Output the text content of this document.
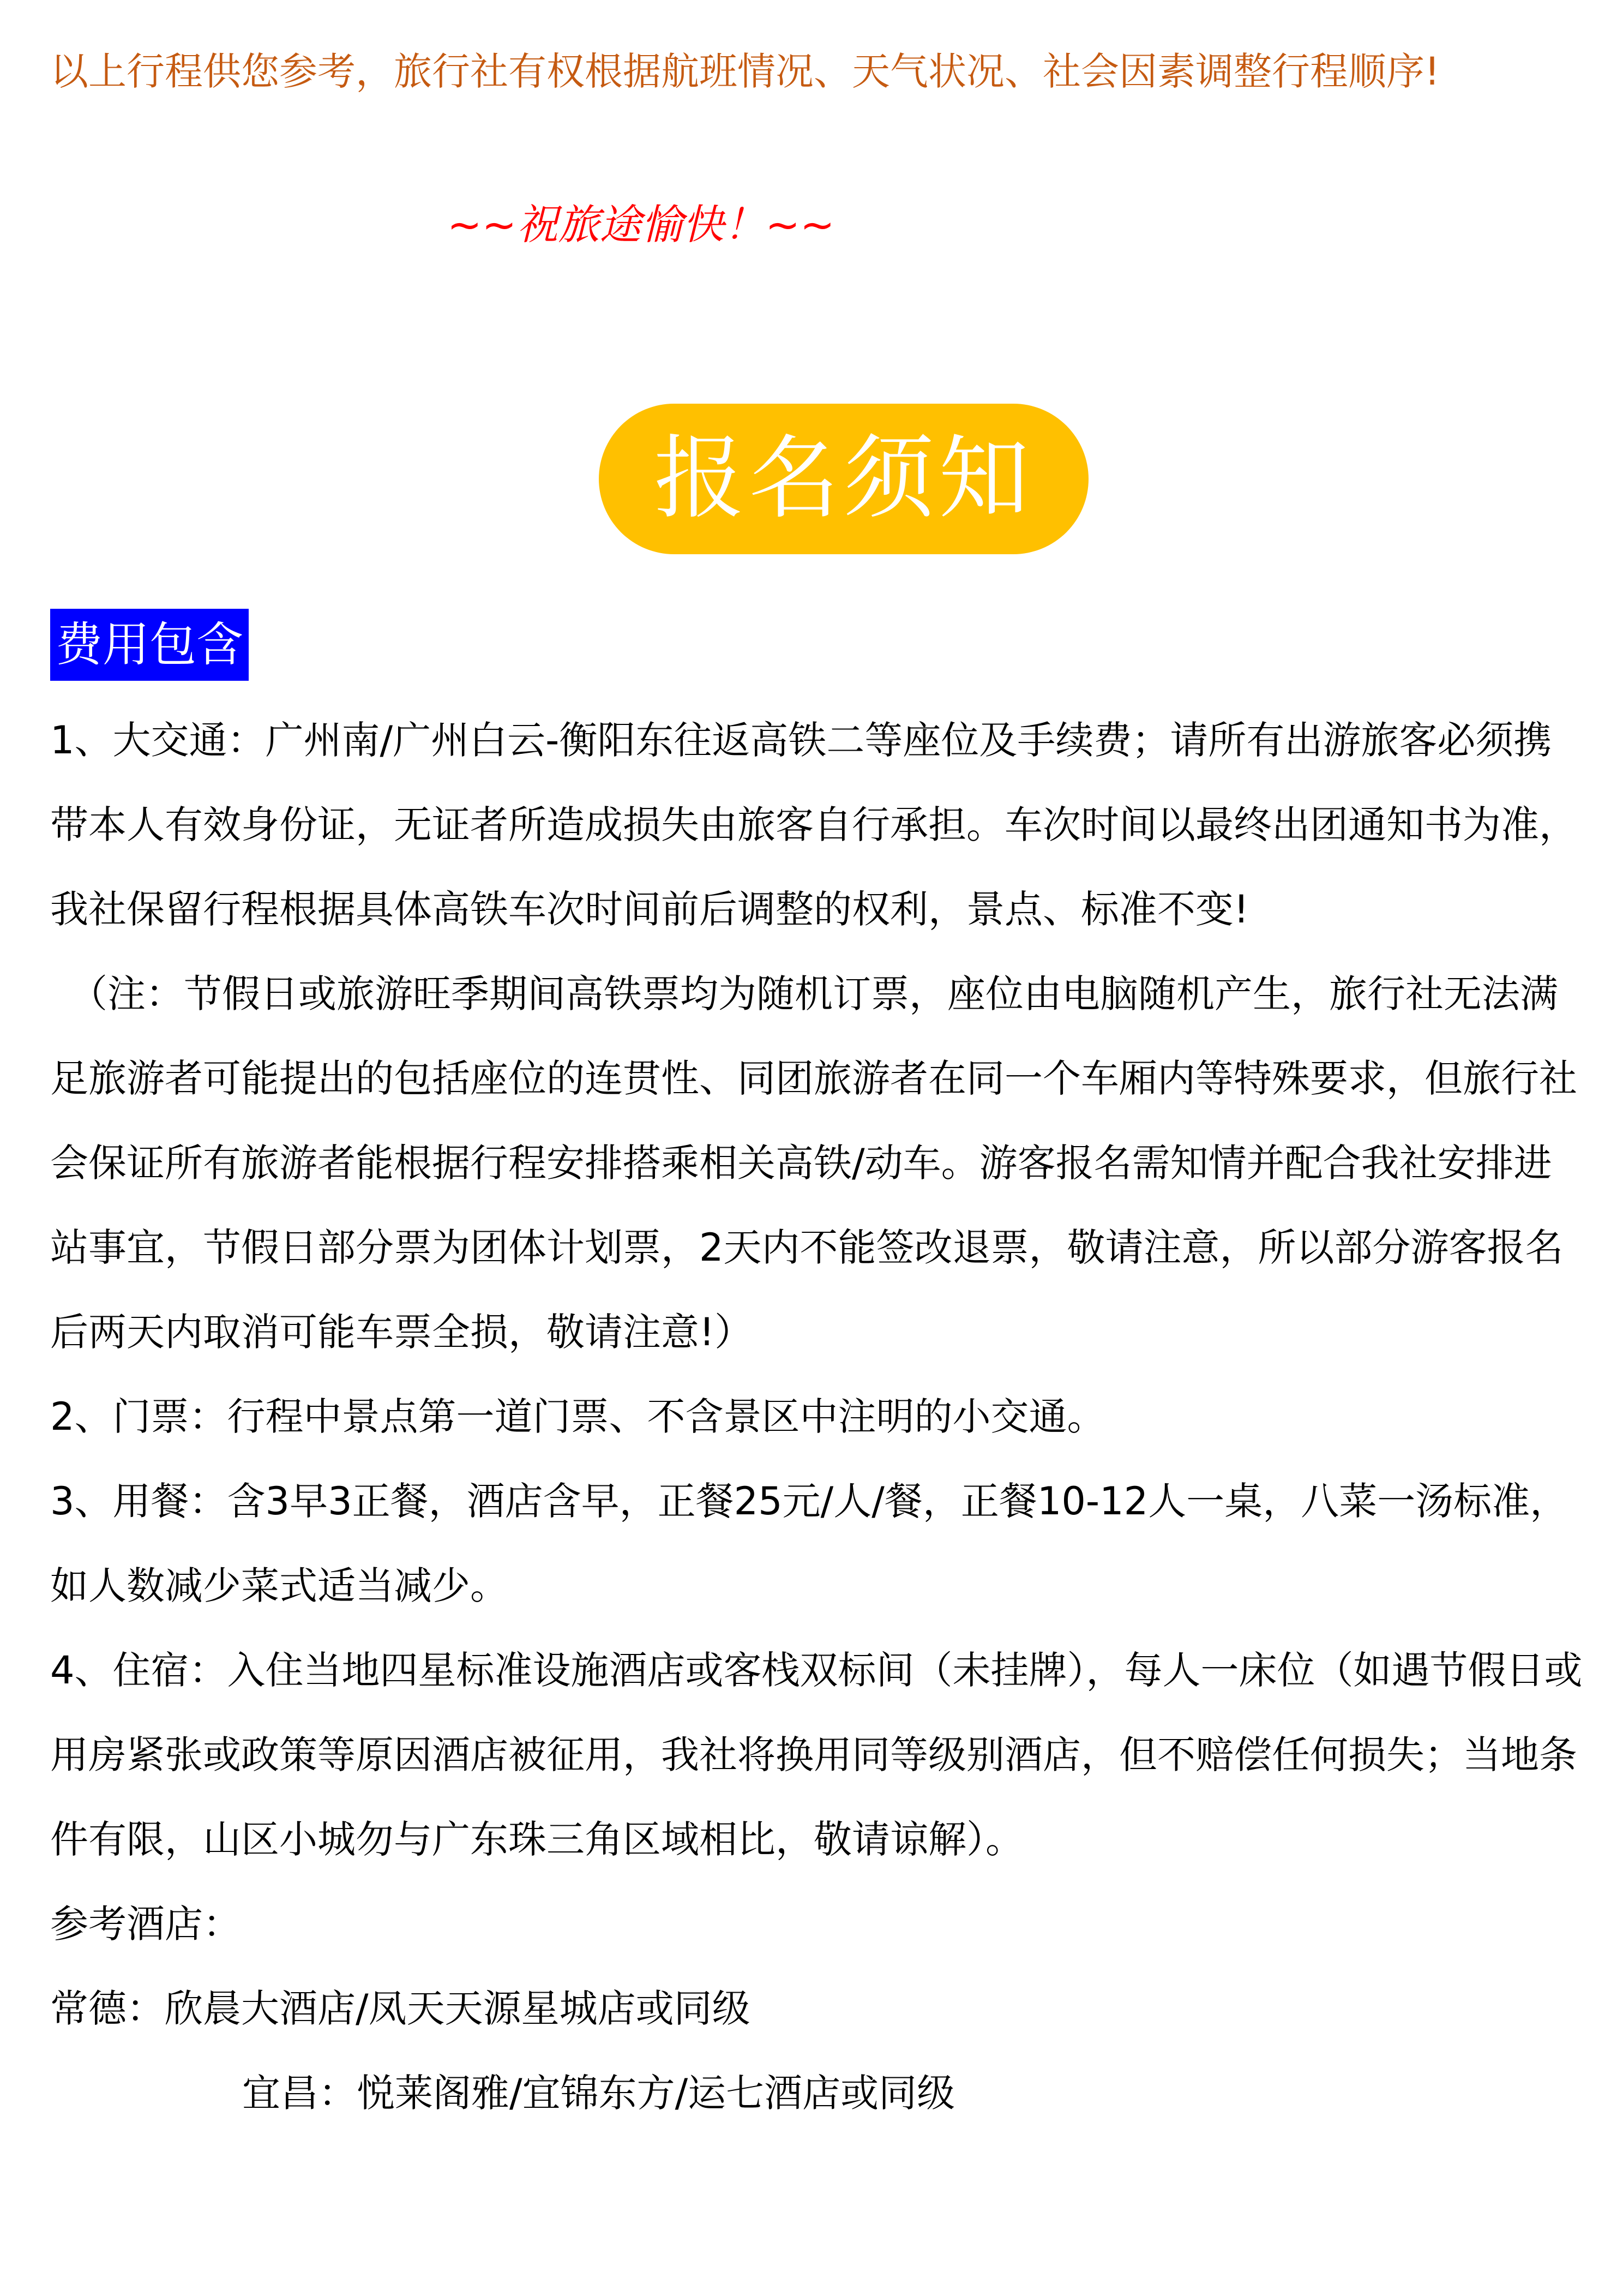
以上行程供您参考，旅行社有权根据航班情况、天气状况、社会因素调整行程顺序!

~~祝旅途愉快！~~

报名须知
费用包含

1、大交通：广州南/广州白云-衡阳东往返高铁二等座位及手续费；请所有出游旅客必须携带本人有效身份证，无证者所造成损失由旅客自行承担。车次时间以最终出团通知书为准，我社保留行程根据具体高铁车次时间前后调整的权利，景点、标准不变!

（注：节假日或旅游旺季期间高铁票均为随机订票，座位由电脑随机产生，旅行社无法满足旅游者可能提出的包括座位的连贯性、同团旅游者在同一个车厢内等特殊要求，但旅行社会保证所有旅游者能根据行程安排搭乘相关高铁/动车。游客报名需知情并配合我社安排进站事宜，节假日部分票为团体计划票，2天内不能签改退票，敬请注意，所以部分游客报名后两天内取消可能车票全损，敬请注意!）

2、门票：行程中景点第一道门票、不含景区中注明的小交通。

3、用餐：含3早3正餐，酒店含早，正餐25元/人/餐，正餐10-12人一桌，八菜一汤标准，如人数减少菜式适当减少。

4、住宿：入住当地四星标准设施酒店或客栈双标间（未挂牌），每人一床位（如遇节假日或用房紧张或政策等原因酒店被征用，我社将换用同等级别酒店，但不赔偿任何损失；当地条件有限，山区小城勿与广东珠三角区域相比，敬请谅解）。

参考酒店：

常德：欣晨大酒店/凤天天源星城店或同级

宜昌：悦莱阁雅/宜锦东方/运七酒店或同级
